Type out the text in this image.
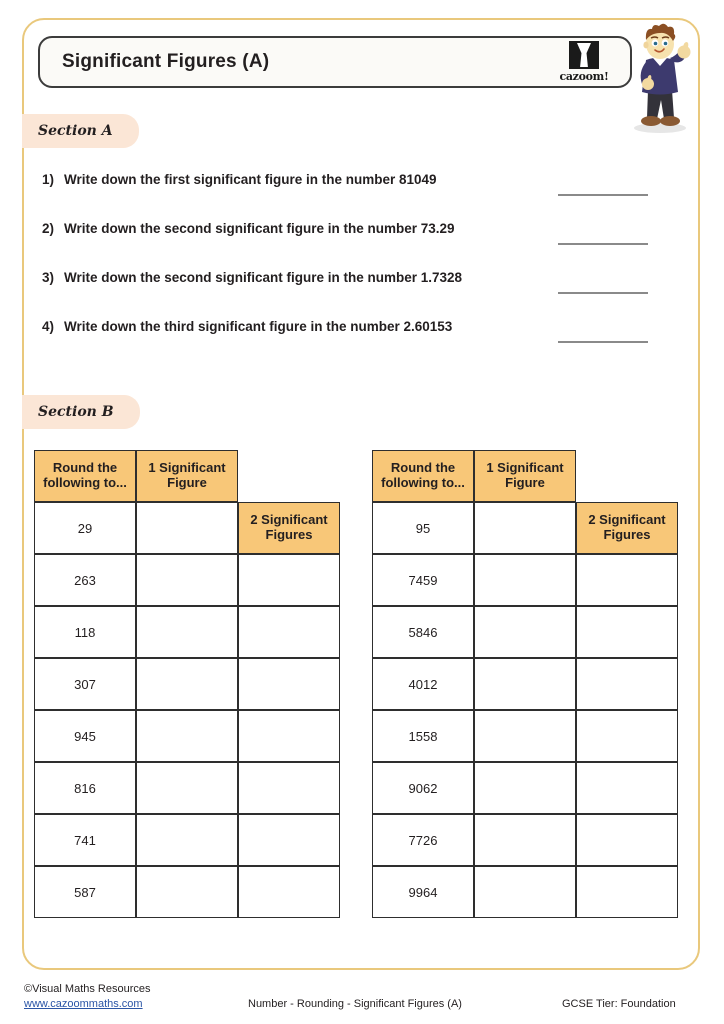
Significant Figures (A)
cazoom!
Section A
Section B
1) Write down the first significant figure in the number 81049
2) Write down the second significant figure in the number 73.29
3) Write down the second significant figure in the number 1.7328
4) Write down the third significant figure in the number 2.60153
Round the following to...
1 Significant Figure
2 Significant Figures
29
263
118
307
945
816
741
587
Round the following to...
1 Significant Figure
2 Significant Figures
95
7459
5846
4012
1558
9062
7726
9964
©Visual Maths Resources
www.cazoommaths.com	Number - Rounding - Significant Figures (A)	GCSE Tier: Foundation
